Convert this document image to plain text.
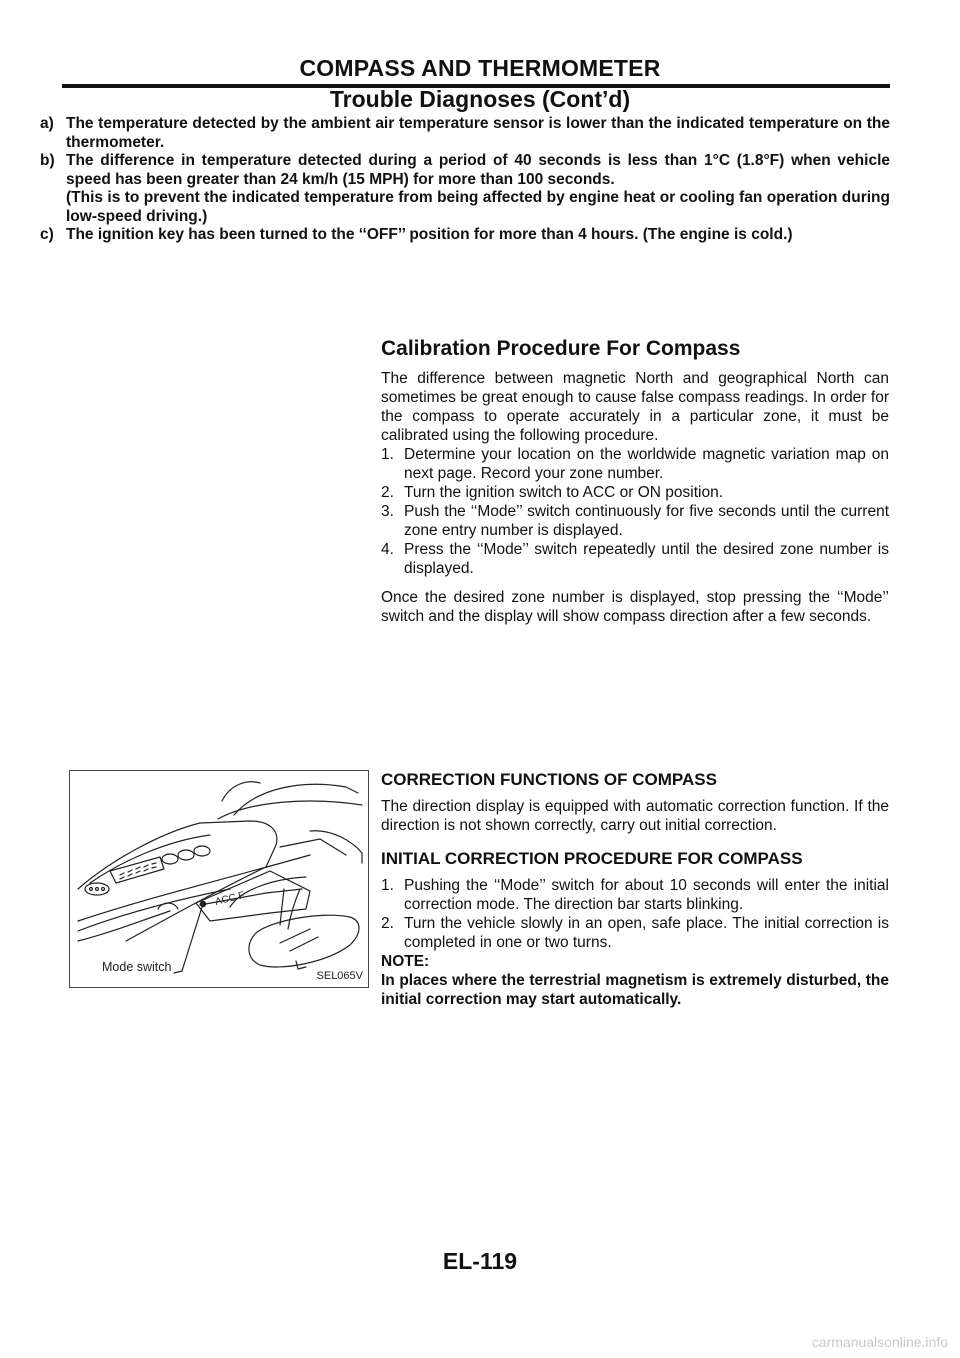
COMPASS AND THERMOMETER
Trouble Diagnoses (Cont’d)
a) The temperature detected by the ambient air temperature sensor is lower than the indicated temperature on the thermometer.
b) The difference in temperature detected during a period of 40 seconds is less than 1°C (1.8°F) when vehicle speed has been greater than 24 km/h (15 MPH) for more than 100 seconds.
(This is to prevent the indicated temperature from being affected by engine heat or cooling fan operation during low-speed driving.)
c) The ignition key has been turned to the ‘‘OFF’’ position for more than 4 hours. (The engine is cold.)
Calibration Procedure For Compass

The difference between magnetic North and geographical North can sometimes be great enough to cause false compass readings. In order for the compass to operate accurately in a particular zone, it must be calibrated using the following procedure.

1. Determine your location on the worldwide magnetic variation map on next page. Record your zone number.
2. Turn the ignition switch to ACC or ON position.
3. Push the ‘‘Mode’’ switch continuously for five seconds until the current zone entry number is displayed.
4. Press the ‘‘Mode’’ switch repeatedly until the desired zone number is displayed.

Once the desired zone number is displayed, stop pressing the ‘‘Mode’’ switch and the display will show compass direction after a few seconds.

ACC F
Mode switch
SEL065V
CORRECTION FUNCTIONS OF COMPASS

The direction display is equipped with automatic correction function. If the direction is not shown correctly, carry out initial correction.

INITIAL CORRECTION PROCEDURE FOR COMPASS
1. Pushing the ‘‘Mode’’ switch for about 10 seconds will enter the initial correction mode. The direction bar starts blinking.
2. Turn the vehicle slowly in an open, safe place. The initial correction is completed in one or two turns.
NOTE:
In places where the terrestrial magnetism is extremely disturbed, the initial correction may start automatically.
EL-119
carmanualsonline.info
